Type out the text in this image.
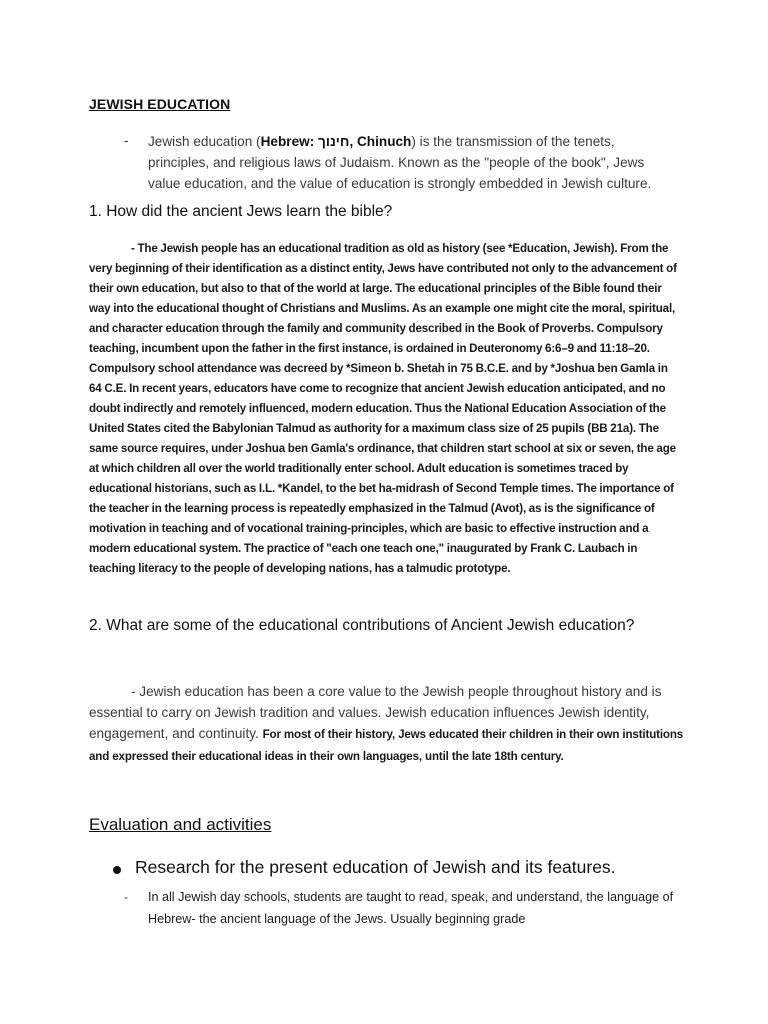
JEWISH EDUCATION
- Jewish education (Hebrew: חינוך, Chinuch) is the transmission of the tenets, principles, and religious laws of Judaism. Known as the "people of the book", Jews value education, and the value of education is strongly embedded in Jewish culture.
1. How did the ancient Jews learn the bible?
- The Jewish people has an educational tradition as old as history (see *Education, Jewish). From the very beginning of their identification as a distinct entity, Jews have contributed not only to the advancement of their own education, but also to that of the world at large. The educational principles of the Bible found their way into the educational thought of Christians and Muslims. As an example one might cite the moral, spiritual, and character education through the family and community described in the Book of Proverbs. Compulsory teaching, incumbent upon the father in the first instance, is ordained in Deuteronomy 6:6–9 and 11:18–20. Compulsory school attendance was decreed by *Simeon b. Shetah in 75 B.C.E. and by *Joshua ben Gamla in 64 C.E. In recent years, educators have come to recognize that ancient Jewish education anticipated, and no doubt indirectly and remotely influenced, modern education. Thus the National Education Association of the United States cited the Babylonian Talmud as authority for a maximum class size of 25 pupils (BB 21a). The same source requires, under Joshua ben Gamla's ordinance, that children start school at six or seven, the age at which children all over the world traditionally enter school. Adult education is sometimes traced by educational historians, such as I.L. *Kandel, to the bet ha-midrash of Second Temple times. The importance of the teacher in the learning process is repeatedly emphasized in the Talmud (Avot), as is the significance of motivation in teaching and of vocational training-principles, which are basic to effective instruction and a modern educational system. The practice of "each one teach one," inaugurated by Frank C. Laubach in teaching literacy to the people of developing nations, has a talmudic prototype.
2. What are some of the educational contributions of Ancient Jewish education?
- Jewish education has been a core value to the Jewish people throughout history and is essential to carry on Jewish tradition and values. Jewish education influences Jewish identity, engagement, and continuity. For most of their history, Jews educated their children in their own institutions and expressed their educational ideas in their own languages, until the late 18th century.
Evaluation and activities
Research for the present education of Jewish and its features.
- In all Jewish day schools, students are taught to read, speak, and understand, the language of Hebrew- the ancient language of the Jews. Usually beginning grade
